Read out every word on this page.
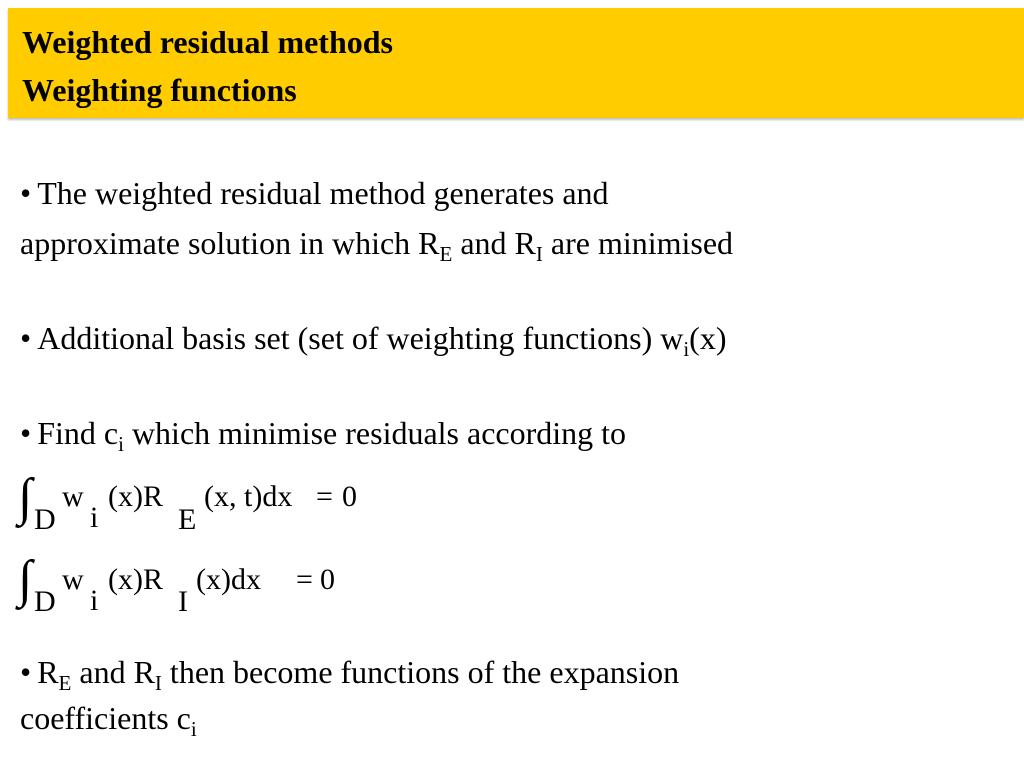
Weighted residual methods
Weighting functions
• The weighted residual method generates and
approximate solution in which $R_E$ and $R_I$ are minimised
• Additional basis set (set of weighting functions) $w_i(x)$
• Find $c_i$ which minimise residuals according to
∫ D
w
i
(x)R
E
(x, t)dx = 0
∫ D
w
i
(x)R
I
(x)dx = 0
• $R_E$ and $R_I$ then become functions of the expansion
coefficients $c_i$
